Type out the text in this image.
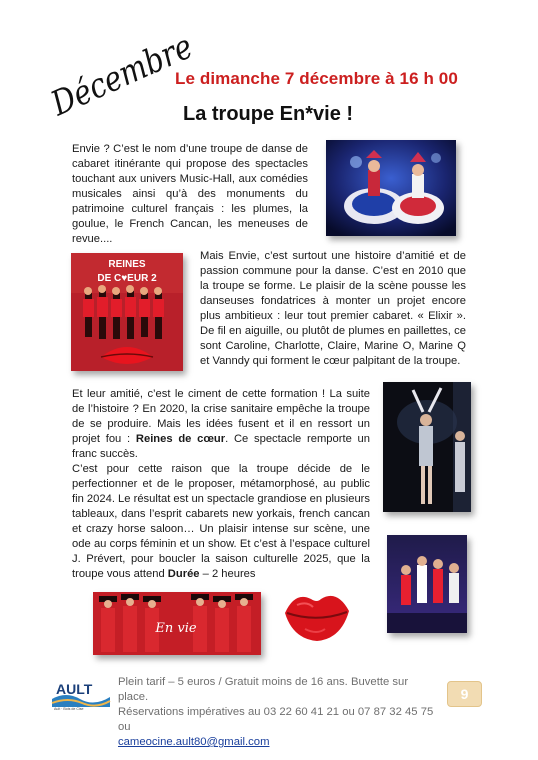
Décembre
Le dimanche 7 décembre à 16 h 00
La troupe En*vie !
Envie ? C’est le nom d’une troupe de danse de cabaret itinérante qui propose des spectacles touchant aux univers Music-Hall, aux comédies musicales ainsi qu’à des monuments du patrimoine culturel français : les plumes, la goulue, le French Cancan, les meneuses de revue....
REINES
DE C♥EUR 2
Mais Envie, c’est surtout une histoire d’amitié et de passion commune pour la danse. C’est en 2010 que la troupe se forme. Le plaisir de la scène pousse les danseuses fondatrices à monter un projet encore plus ambitieux : leur tout premier cabaret. « Elixir ». De fil en aiguille, ou plutôt de plumes en paillettes, ce sont Caroline, Charlotte, Claire, Marine O, Marine Q et Vanndy qui forment le cœur palpitant de la troupe.
Et leur amitié, c’est le ciment de cette formation ! La suite de l’histoire ? En 2020, la crise sanitaire empêche la troupe de se produire. Mais les idées fusent et il en ressort un projet fou : Reines de cœur. Ce spectacle remporte un franc succès.
C’est pour cette raison que la troupe décide de le perfectionner et de le proposer, métamorphosé, au public fin 2024. Le résultat est un spectacle grandiose en plusieurs tableaux, dans l’esprit cabarets new yorkais, french cancan et crazy horse saloon… Un plaisir intense sur scène, une ode au corps féminin et un show. Et c’est à l’espace culturel J. Prévert, pour boucler la saison culturelle 2025, que la troupe vous attend Durée – 2 heures
En vie
AULT
Ault · Bois de Cise
Plein tarif – 5 euros / Gratuit moins de 16 ans. Buvette sur place.
Réservations impératives au 03 22 60 41 21 ou 07 87 32 45 75 ou
cameocine.ault80@gmail.com
9
